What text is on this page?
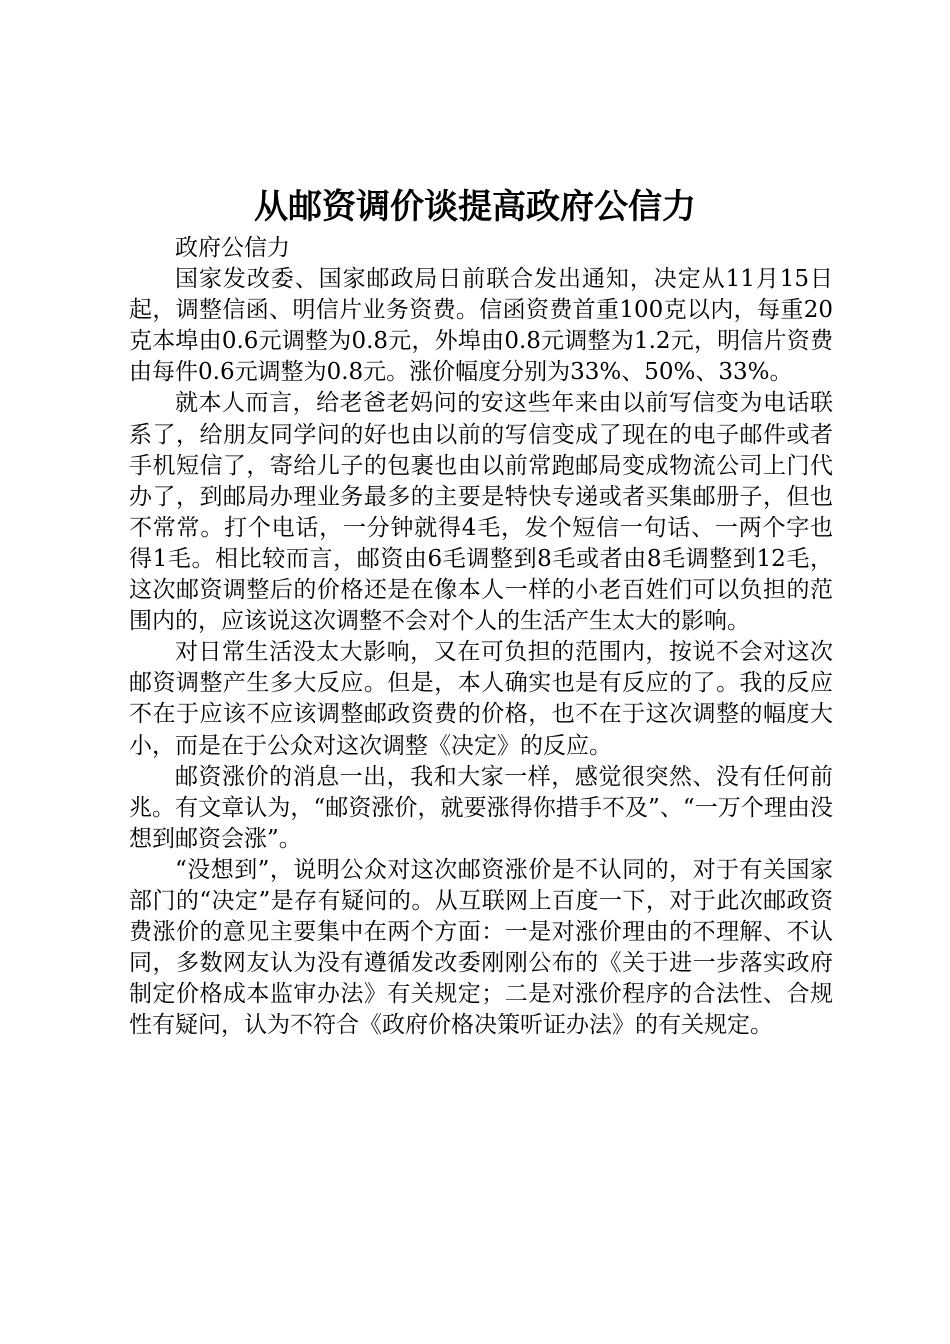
从邮资调价谈提高政府公信力

政府公信力

国家发改委、国家邮政局日前联合发出通知，决定从11月15日起，调整信函、明信片业务资费。信函资费首重100克以内，每重20克本埠由0.6元调整为0.8元，外埠由0.8元调整为1.2元，明信片资费由每件0.6元调整为0.8元。涨价幅度分别为33%、50%、33%。

就本人而言，给老爸老妈问的安这些年来由以前写信变为电话联系了，给朋友同学问的好也由以前的写信变成了现在的电子邮件或者手机短信了，寄给儿子的包裹也由以前常跑邮局变成物流公司上门代办了，到邮局办理业务最多的主要是特快专递或者买集邮册子，但也不常常。打个电话，一分钟就得4毛，发个短信一句话、一两个字也得1毛。相比较而言，邮资由6毛调整到8毛或者由8毛调整到12毛，这次邮资调整后的价格还是在像本人一样的小老百姓们可以负担的范围内的，应该说这次调整不会对个人的生活产生太大的影响。

对日常生活没太大影响，又在可负担的范围内，按说不会对这次邮资调整产生多大反应。但是，本人确实也是有反应的了。我的反应不在于应该不应该调整邮政资费的价格，也不在于这次调整的幅度大小，而是在于公众对这次调整《决定》的反应。

邮资涨价的消息一出，我和大家一样，感觉很突然、没有任何前兆。有文章认为，“邮资涨价，就要涨得你措手不及”、“一万个理由没想到邮资会涨”。

“没想到”，说明公众对这次邮资涨价是不认同的，对于有关国家部门的“决定”是存有疑问的。从互联网上百度一下，对于此次邮政资费涨价的意见主要集中在两个方面：一是对涨价理由的不理解、不认同，多数网友认为没有遵循发改委刚刚公布的《关于进一步落实政府制定价格成本监审办法》有关规定；二是对涨价程序的合法性、合规性有疑问，认为不符合《政府价格决策听证办法》的有关规定。
